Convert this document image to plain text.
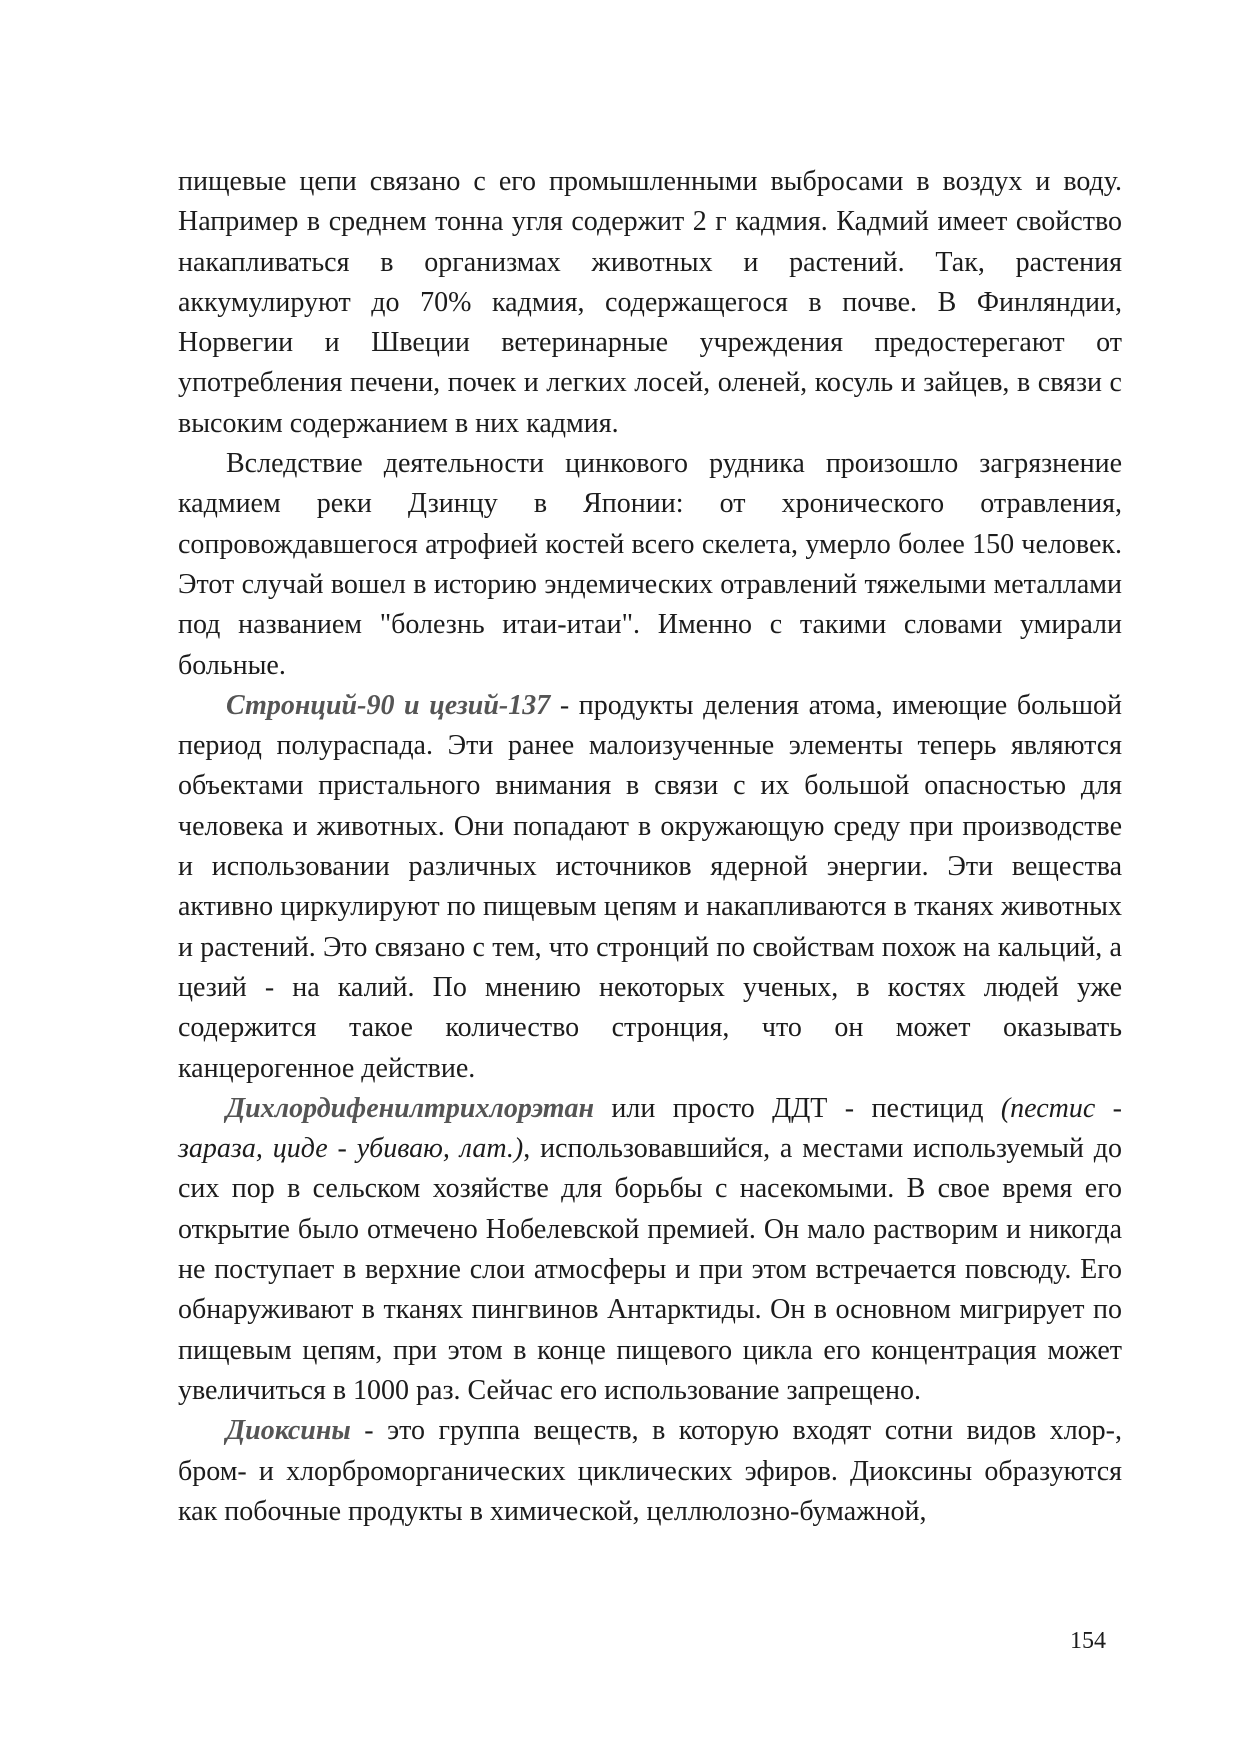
пищевые цепи связано с его промышленными выбросами в воздух и воду. Например в среднем тонна угля содержит 2 г кадмия. Кадмий имеет свойство накапливаться в организмах животных и растений. Так, растения аккумулируют до 70% кадмия, содержащегося в почве. В Финляндии, Норвегии и Швеции ветеринарные учреждения предостерегают от употребления печени, почек и легких лосей, оленей, косуль и зайцев, в связи с высоким содержанием в них кадмия.

Вследствие деятельности цинкового рудника произошло загрязнение кадмием реки Дзинцу в Японии: от хронического отравления, сопровождавшегося атрофией костей всего скелета, умерло более 150 человек. Этот случай вошел в историю эндемических отравлений тяжелыми металлами под названием "болезнь итаи-итаи". Именно с такими словами умирали больные.

Стронций-90 и цезий-137 - продукты деления атома, имеющие большой период полураспада. Эти ранее малоизученные элементы теперь являются объектами пристального внимания в связи с их большой опасностью для человека и животных. Они попадают в окружающую среду при производстве и использовании различных источников ядерной энергии. Эти вещества активно циркулируют по пищевым цепям и накапливаются в тканях животных и растений. Это связано с тем, что стронций по свойствам похож на кальций, а цезий - на калий. По мнению некоторых ученых, в костях людей уже содержится такое количество стронция, что он может оказывать канцерогенное действие.

Дихлордифенилтрихлорэтан или просто ДДТ - пестицид (пестис - зараза, циде - убиваю, лат.), использовавшийся, а местами используемый до сих пор в сельском хозяйстве для борьбы с насекомыми. В свое время его открытие было отмечено Нобелевской премией. Он мало растворим и никогда не поступает в верхние слои атмосферы и при этом встречается повсюду. Его обнаруживают в тканях пингвинов Антарктиды. Он в основном мигрирует по пищевым цепям, при этом в конце пищевого цикла его концентрация может увеличиться в 1000 раз. Сейчас его использование запрещено.

Диоксины - это группа веществ, в которую входят сотни видов хлор-, бром- и хлорброморганических циклических эфиров. Диоксины образуются как побочные продукты в химической, целлюлозно-бумажной,

154
